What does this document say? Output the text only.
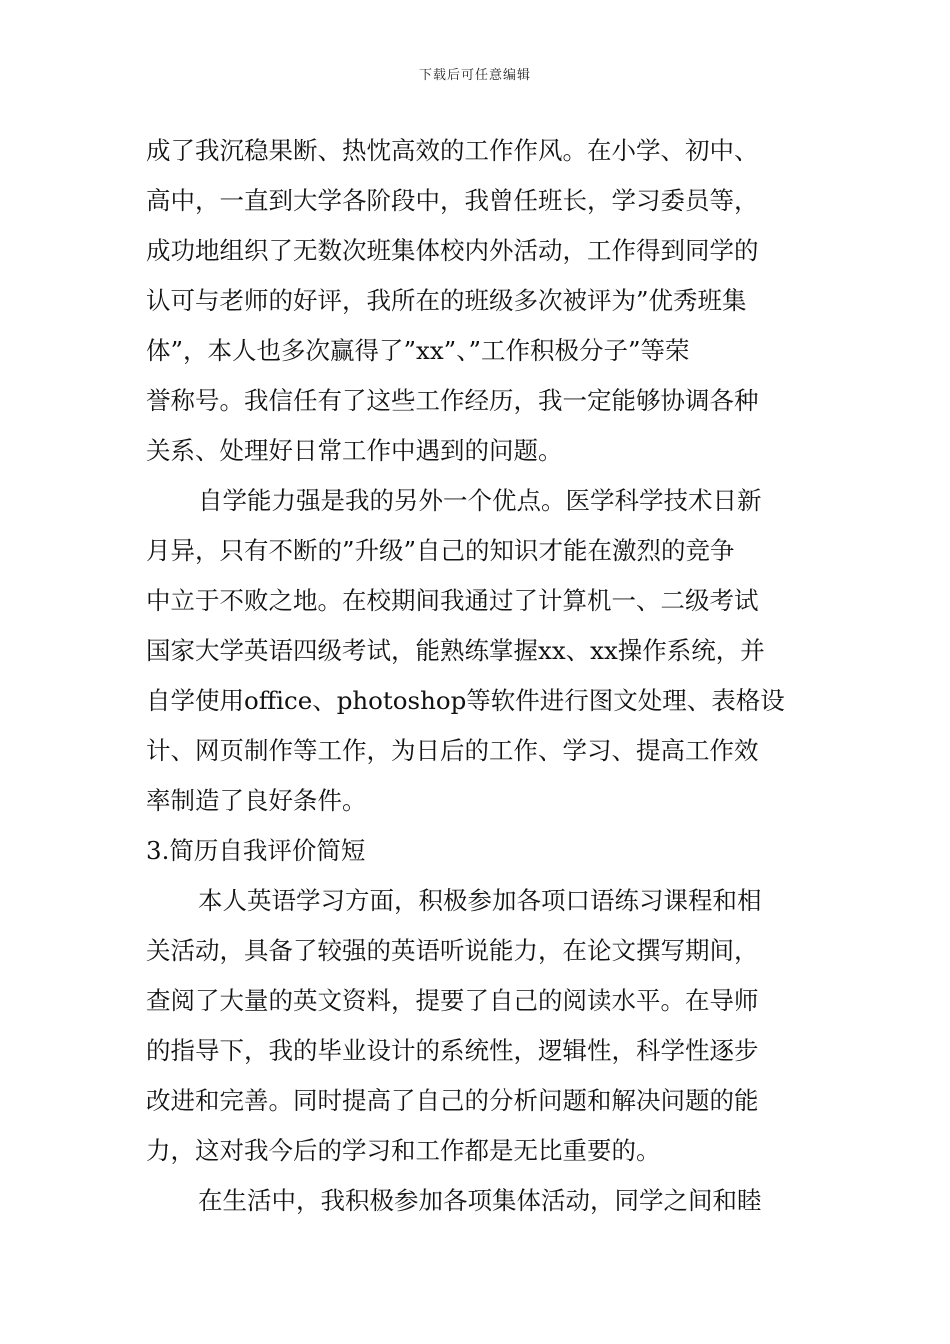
下载后可任意编辑
成了我沉稳果断、热忱高效的工作作风。在小学、初中、
高中，一直到大学各阶段中，我曾任班长，学习委员等，
成功地组织了无数次班集体校内外活动，工作得到同学的
认可与老师的好评，我所在的班级多次被评为”优秀班集
体”，本人也多次赢得了”xx”、”工作积极分子”等荣
誉称号。我信任有了这些工作经历，我一定能够协调各种
关系、处理好日常工作中遇到的问题。
自学能力强是我的另外一个优点。医学科学技术日新
月异，只有不断的”升级”自己的知识才能在激烈的竞争
中立于不败之地。在校期间我通过了计算机一、二级考试
国家大学英语四级考试，能熟练掌握xx、xx操作系统，并
自学使用office、photoshop等软件进行图文处理、表格设
计、网页制作等工作，为日后的工作、学习、提高工作效
率制造了良好条件。
3.简历自我评价简短
本人英语学习方面，积极参加各项口语练习课程和相
关活动，具备了较强的英语听说能力，在论文撰写期间，
查阅了大量的英文资料，提要了自己的阅读水平。在导师
的指导下，我的毕业设计的系统性，逻辑性，科学性逐步
改进和完善。同时提高了自己的分析问题和解决问题的能
力，这对我今后的学习和工作都是无比重要的。
在生活中，我积极参加各项集体活动，同学之间和睦
